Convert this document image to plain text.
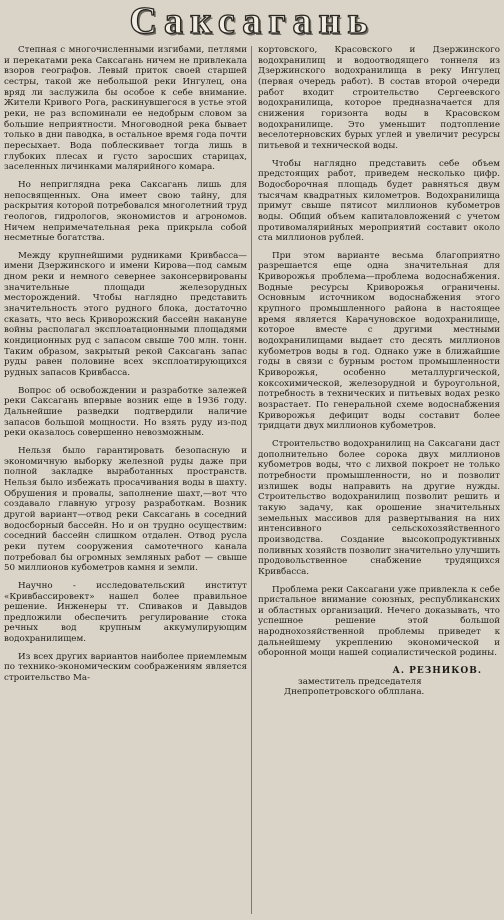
Саксагань

Степная с многочисленными изгибами, петлями и перекатами река Саксагань ничем не привлекала взоров географов. Левый приток своей старшей сестры, такой же небольшой реки Ингулец, она вряд ли заслужила бы особое к себе внимание. Жители Кривого Рога, раскинувшегося в устье этой реки, не раз вспоминали ее недобрым словом за большие неприятности. Многоводной река бывает только в дни паводка, в остальное время года почти пересыхает. Вода поблескивает тогда лишь в глубоких плесах и густо заросших старицах, заселенных личинками малярийного комара.

Но неприглядна река Саксагань лишь для непосвященных. Она имеет свою тайну, для раскрытия которой потребовался многолетний труд геологов, гидрологов, экономистов и агрономов. Ничем непримечательная река прикрыла собой несметные богатства.

Между крупнейшими рудниками Кривбасса—имени Дзержинского и имени Кирова—под самым дном реки и немного севернее законсервированы значительные площади железорудных месторождений. Чтобы наглядно представить значительность этого рудного блока, достаточно сказать, что весь Криворожский бассейн накануне войны располагал эксплоатационными площадями кондиционных руд с запасом свыше 700 млн. тонн. Таким образом, закрытый рекой Саксагань запас руды равен половине всех эксплоатирующихся рудных запасов Кривбасса.

Вопрос об освобождении и разработке залежей реки Саксагань впервые возник еще в 1936 году. Дальнейшие разведки подтвердили наличие запасов большой мощности. Но взять руду из-под реки оказалось совершенно невозможным.

Нельзя было гарантировать безопасную и экономичную выборку железной руды даже при полной закладке выработанных пространств. Нельзя было избежать просачивания воды в шахту. Обрушения и провалы, заполнение шахт,—вот что создавало главную угрозу разработкам. Возник другой вариант—отвод реки Саксагань в соседний водосборный бассейн. Но и он трудно осуществим: соседний бассейн слишком отдален. Отвод русла реки путем сооружения самотечного канала потребовал бы огромных земляных работ — свыше 50 миллионов кубометров камня и земли.

Научно - исследовательский институт «Кривбассировект» нашел более правильное решение. Инженеры тт. Спиваков и Давыдов предложили обеспечить регулирование стока речных вод крупным аккумулирующим водохранилищем.

Из всех других вариантов наиболее приемлемым по технико-экономическим соображениям является строительство Ма-

кортовского, Краcовского и Дзержинского водохранилищ и водоотводящего тоннеля из Дзержинского водохранилища в реку Ингулец (первая очередь работ). В состав второй очереди работ входит строительство Сергеевского водохранилища, которое предназначается для снижения горизонта воды в Краcовском водохранилище. Это уменьшит подтопление веселотерновских бурых углей и увеличит ресурсы питьевой и технической воды.

Чтобы наглядно представить себе объем предстоящих работ, приведем несколько цифр. Водосборочная площадь будет равняться двум тысячам квадратных километров. Водохранилища примут свыше пятисот миллионов кубометров воды. Общий объем капиталовложений с учетом противомалярийных мероприятий составит около ста миллионов рублей.

При этом варианте весьма благоприятно разрешается еще одна значительная для Криворожья проблема—проблема водоснабжения. Водные ресурсы Криворожья ограничены. Основным источником водоснабжения этого крупного промышленного района в настоящее время является Карачуновское водохранилище, которое вместе с другими местными водохранилищами выдает сто десять миллионов кубометров воды в год. Однако уже в ближайшие годы в связи с бурным ростом промышленности Криворожья, особенно металлургической, коксохимической, железорудной и буроугольной, потребность в технических и питьевых водах резко возрастает. По генеральной схеме водоснабжения Криворожья дефицит воды составит более тридцати двух миллионов кубометров.

Строительство водохранилищ на Саксагани даст дополнительно более сорока двух миллионов кубометров воды, что с лихвой покроет не только потребности промышленности, но и позволит излишек воды направить на другие нужды. Строительство водохранилищ позволит решить и такую задачу, как орошение значительных земельных массивов для развертывания на них интенсивного сельскохозяйственного производства. Создание высокопродуктивных поливных хозяйств позволит значительно улучшить продовольственное снабжение трудящихся Кривбасса.

Проблема реки Саксагани уже привлекла к себе пристальное внимание союзных, республиканских и областных организаций. Нечего доказывать, что успешное решение этой большой народнохозяйственной проблемы приведет к дальнейшему укреплению экономической и оборонной мощи нашей социалистической родины.

А. РЕЗНИКОВ.

заместитель председателя Днепропетровского облплана.
